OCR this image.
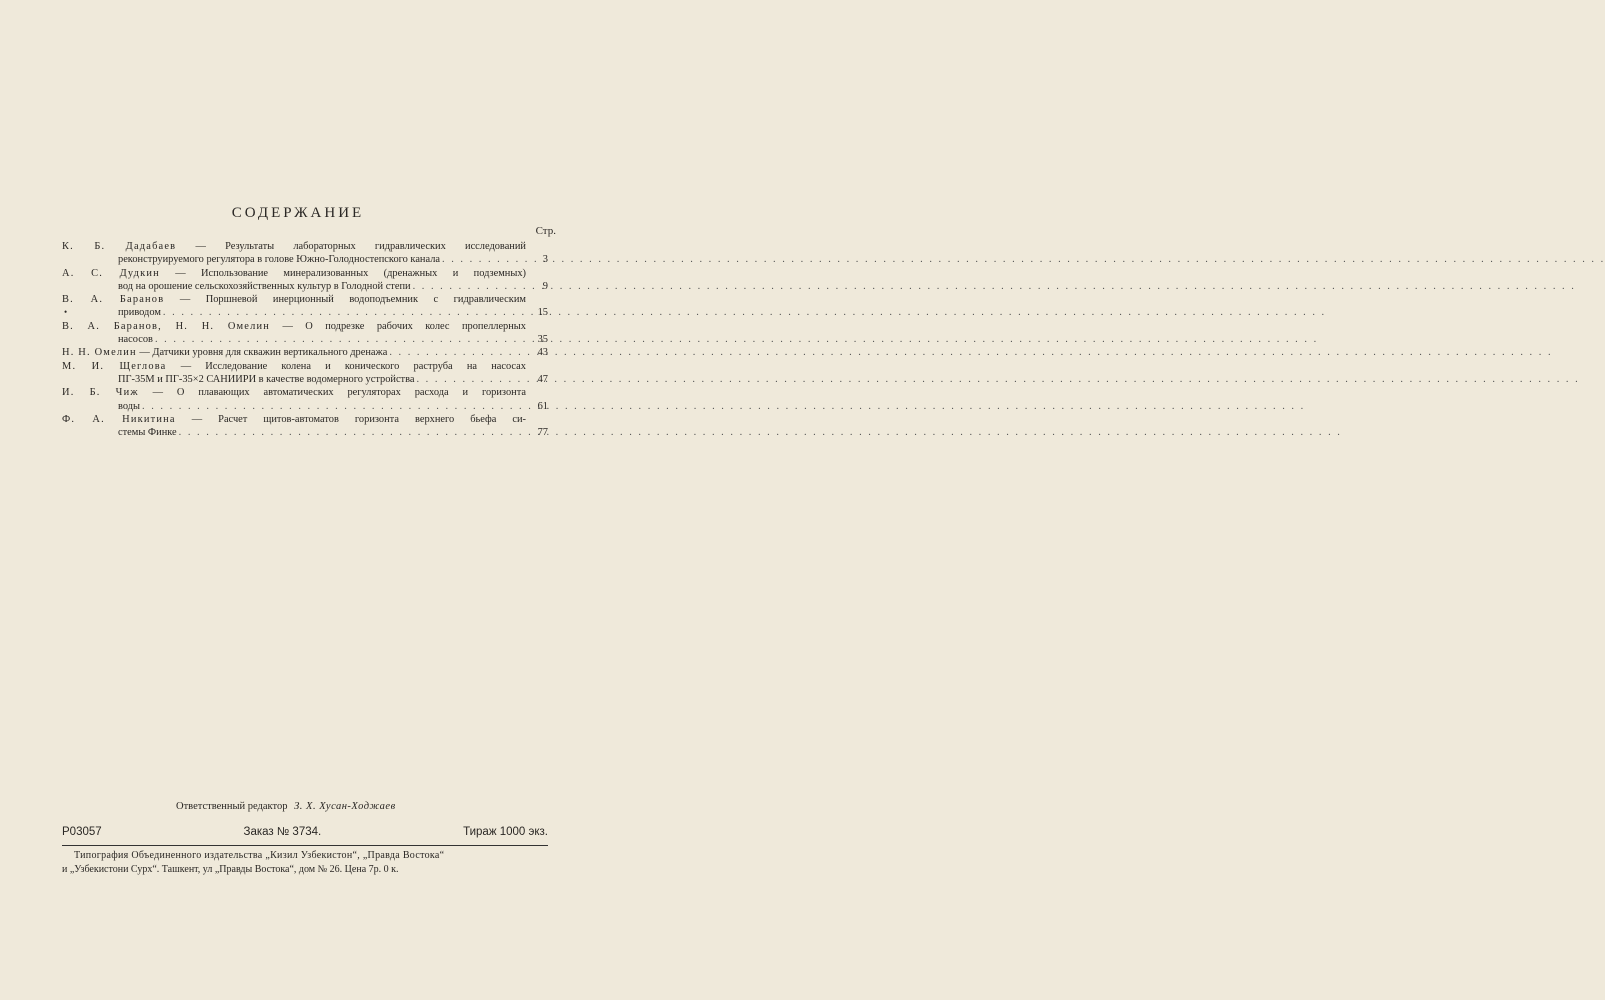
СОДЕРЖАНИЕ
Стр.
К. Б. Дадабаев — Результаты лабораторных гидравлических исследований
реконструируемого регулятора в голове Южно-Голодностепского канала . . .	3
А. С. Дудкин — Использование минерализованных (дренажных и подземных)
вод на орошение сельскохозяйственных культур в Голодной степи . . .	9
В. А. Баранов — Поршневой инерционный водоподъемник с гидравлическим
приводом . . .	15
•
В. А. Баранов, Н. Н. Омелин — О подрезке рабочих колес пропеллерных
насосов . . .	35
Н. Н. Омелин — Датчики уровня для скважин вертикального дренажа . . .	43
М. И. Щеглова — Исследование колена и конического раструба на насосах
ПГ-35М и ПГ-35×2 САНИИРИ в качестве водомерного устройства . . .	47
И. Б. Чиж — О плавающих автоматических регуляторах расхода и горизонта
воды . . .	61
Ф. А. Никитина — Расчет щитов-автоматов горизонта верхнего бьефа си-
стемы Финке . . .	77
Ответственный редактор З. Х. Хусан-Ходжаев
Р03057	Заказ № 3734.	Тираж 1000 экз.
Типография Объединенного издательства „Кизил Узбекистон“, „Правда Востока“
и „Узбекистони Сурх“. Ташкент, ул „Правды Востока“, дом № 26. Цена 7р. 0 к.
